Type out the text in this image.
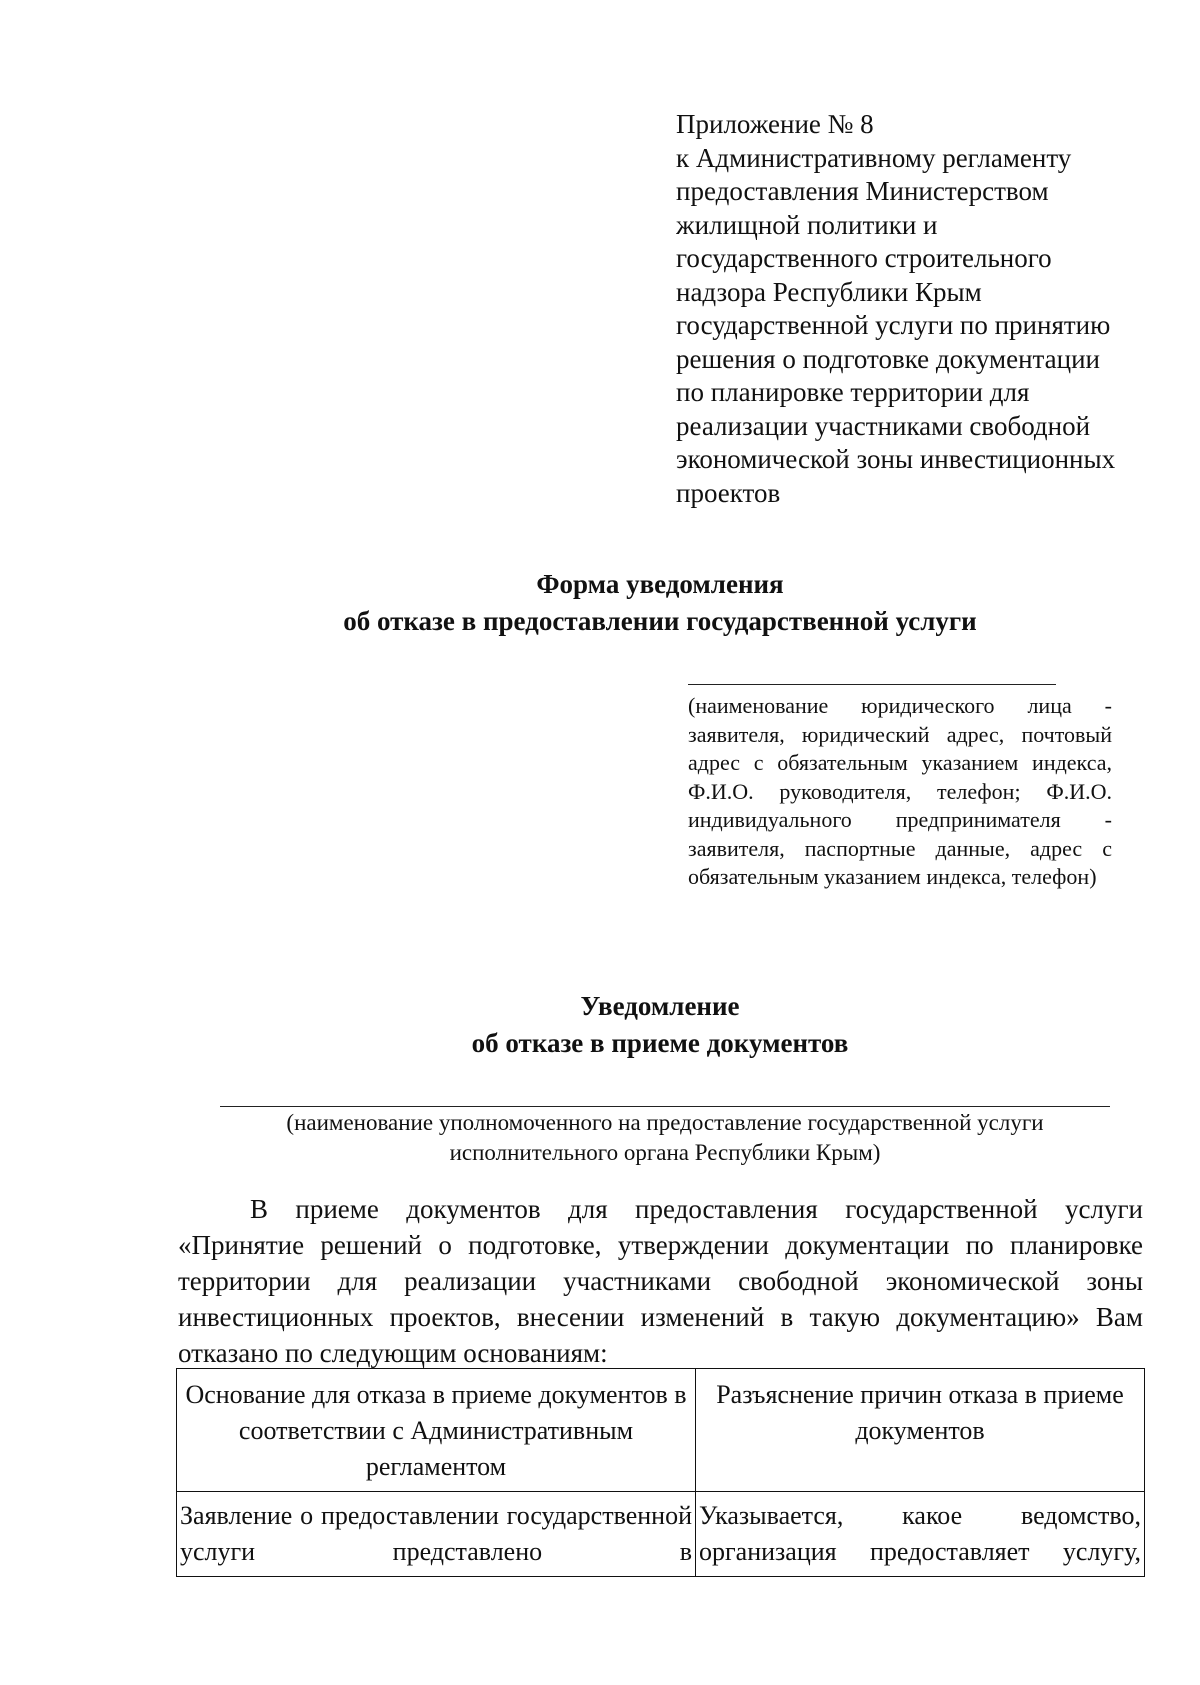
Приложение № 8
к Административному регламенту
предоставления Министерством
жилищной политики и
государственного строительного
надзора Республики Крым
государственной услуги по принятию
решения о подготовке документации
по планировке территории для
реализации участниками свободной
экономической зоны инвестиционных
проектов
Форма уведомления
об отказе в предоставлении государственной услуги
(наименование юридического лица - заявителя, юридический адрес, почтовый адрес с обязательным указанием индекса, Ф.И.О. руководителя, телефон; Ф.И.О. индивидуального предпринимателя - заявителя, паспортные данные, адрес с обязательным указанием индекса, телефон)
Уведомление
об отказе в приеме документов
(наименование уполномоченного на предоставление государственной услуги
исполнительного органа Республики Крым)
В приеме документов для предоставления государственной услуги «Принятие решений о подготовке, утверждении документации по планировке территории для реализации участниками свободной экономической зоны инвестиционных проектов, внесении изменений в такую документацию» Вам отказано по следующим основаниям:
Основание для отказа в приеме документов в соответствии с Административным регламентом	Разъяснение причин отказа в приеме документов
Заявление о предоставлении государственной услуги представлено в	Указывается, какое ведомство, организация предоставляет услугу,
